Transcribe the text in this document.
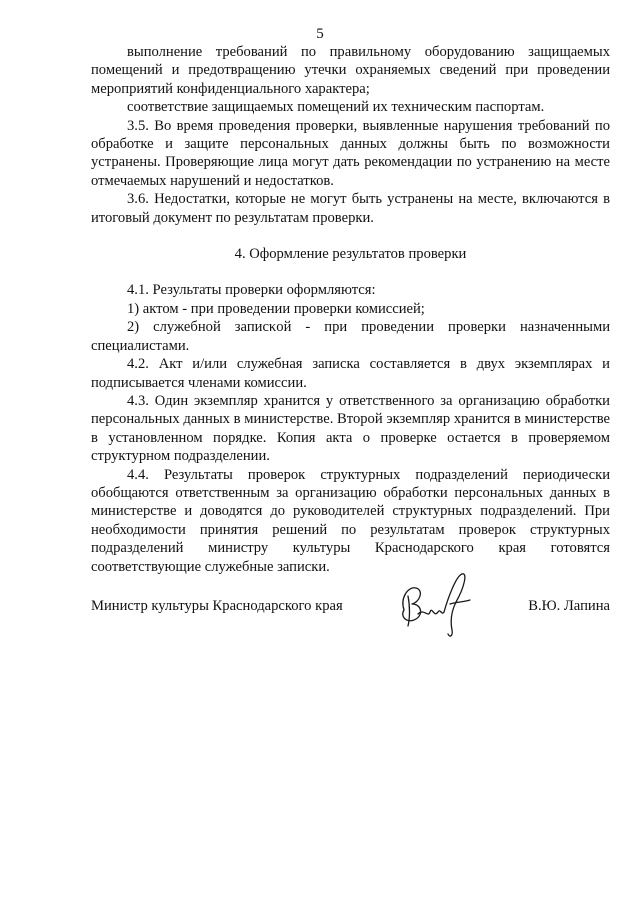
5

выполнение требований по правильному оборудованию защищаемых помещений и предотвращению утечки охраняемых сведений при проведении мероприятий конфиденциального характера;

соответствие защищаемых помещений их техническим паспортам.

3.5. Во время проведения проверки, выявленные нарушения требований по обработке и защите персональных данных должны быть по возможности устранены. Проверяющие лица могут дать рекомендации по устранению на месте отмечаемых нарушений и недостатков.

3.6. Недостатки, которые не могут быть устранены на месте, включаются в итоговый документ по результатам проверки.

4. Оформление результатов проверки

4.1. Результаты проверки оформляются:

1) актом - при проведении проверки комиссией;

2) служебной записκой - при проведении проверки назначенными специалистами.

4.2. Акт и/или служебная записка составляется в двух экземплярах и подписывается членами комиссии.

4.3. Один экземпляр хранится у ответственного за организацию обработки персональных данных в министерстве. Второй экземпляр хранится в министерстве в установленном порядке. Копия акта о проверке остается в проверяемом структурном подразделении.

4.4. Результаты проверок структурных подразделений периодически обобщаются ответственным за организацию обработки персональных данных в министерстве и доводятся до руководителей структурных подразделений. При необходимости принятия решений по результатам проверок структурных подразделений министру культуры Краснодарского края готовятся соответствующие служебные записки.

Министр культуры Краснодарского края	В.Ю. Лапина
